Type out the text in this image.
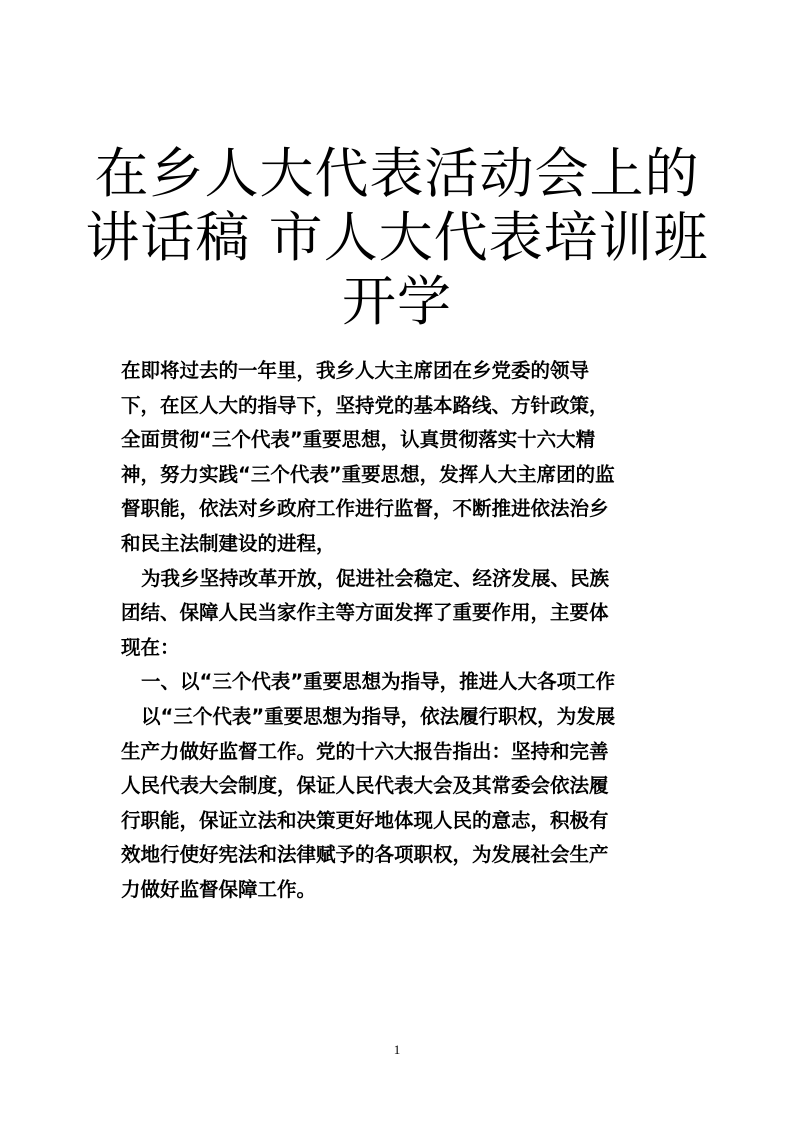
在乡人大代表活动会上的
讲话稿 市人大代表培训班
开学
在即将过去的一年里，我乡人大主席团在乡党委的领导
下，在区人大的指导下，坚持党的基本路线、方针政策，
全面贯彻“三个代表”重要思想，认真贯彻落实十六大精
神，努力实践“三个代表”重要思想，发挥人大主席团的监
督职能，依法对乡政府工作进行监督，不断推进依法治乡
和民主法制建设的进程，
为我乡坚持改革开放，促进社会稳定、经济发展、民族
团结、保障人民当家作主等方面发挥了重要作用，主要体
现在：
一、以“三个代表”重要思想为指导，推进人大各项工作
以“三个代表”重要思想为指导，依法履行职权，为发展
生产力做好监督工作。党的十六大报告指出：坚持和完善
人民代表大会制度，保证人民代表大会及其常委会依法履
行职能，保证立法和决策更好地体现人民的意志，积极有
效地行使好宪法和法律赋予的各项职权，为发展社会生产
力做好监督保障工作。
1
